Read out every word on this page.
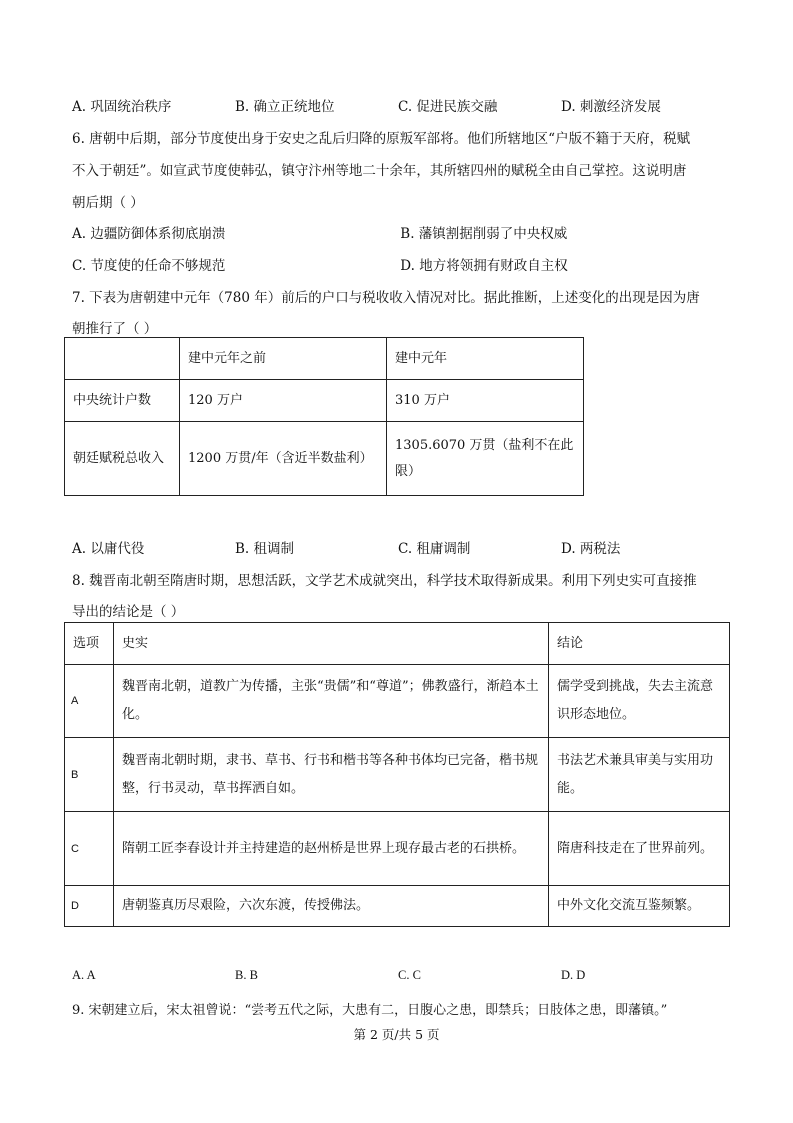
A. 巩固统治秩序	B. 确立正统地位	C. 促进民族交融	D. 刺激经济发展
6. 唐朝中后期，部分节度使出身于安史之乱后归降的原叛军部将。他们所辖地区“户版不籍于天府，税赋
不入于朝廷”。如宣武节度使韩弘，镇守汴州等地二十余年，其所辖四州的赋税全由自己掌控。这说明唐
朝后期（ ）
A. 边疆防御体系彻底崩溃	B. 藩镇割据削弱了中央权威
C. 节度使的任命不够规范	D. 地方将领拥有财政自主权
7. 下表为唐朝建中元年（780 年）前后的户口与税收收入情况对比。据此推断，上述变化的出现是因为唐
朝推行了（ ）
	建中元年之前	建中元年
中央统计户数	120 万户	310 万户
朝廷赋税总收入	1200 万贯/年（含近半数盐利）	1305.6070 万贯（盐利不在此限）
A. 以庸代役	B. 租调制	C. 租庸调制	D. 两税法
8. 魏晋南北朝至隋唐时期，思想活跃，文学艺术成就突出，科学技术取得新成果。利用下列史实可直接推
导出的结论是（ ）
选项	史实	结论
A	魏晋南北朝，道教广为传播，主张“贵儒”和“尊道”；佛教盛行，渐趋本土化。	儒学受到挑战，失去主流意识形态地位。
B	魏晋南北朝时期，隶书、草书、行书和楷书等各种书体均已完备，楷书规整，行书灵动，草书挥洒自如。	书法艺术兼具审美与实用功能。
C	隋朝工匠李春设计并主持建造的赵州桥是世界上现存最古老的石拱桥。	隋唐科技走在了世界前列。
D	唐朝鉴真历尽艰险，六次东渡，传授佛法。	中外文化交流互鉴频繁。
A. A	B. B	C. C	D. D
9. 宋朝建立后，宋太祖曾说：“尝考五代之际，大患有二，日腹心之患，即禁兵；日肢体之患，即藩镇。”
第 2 页/共 5 页
